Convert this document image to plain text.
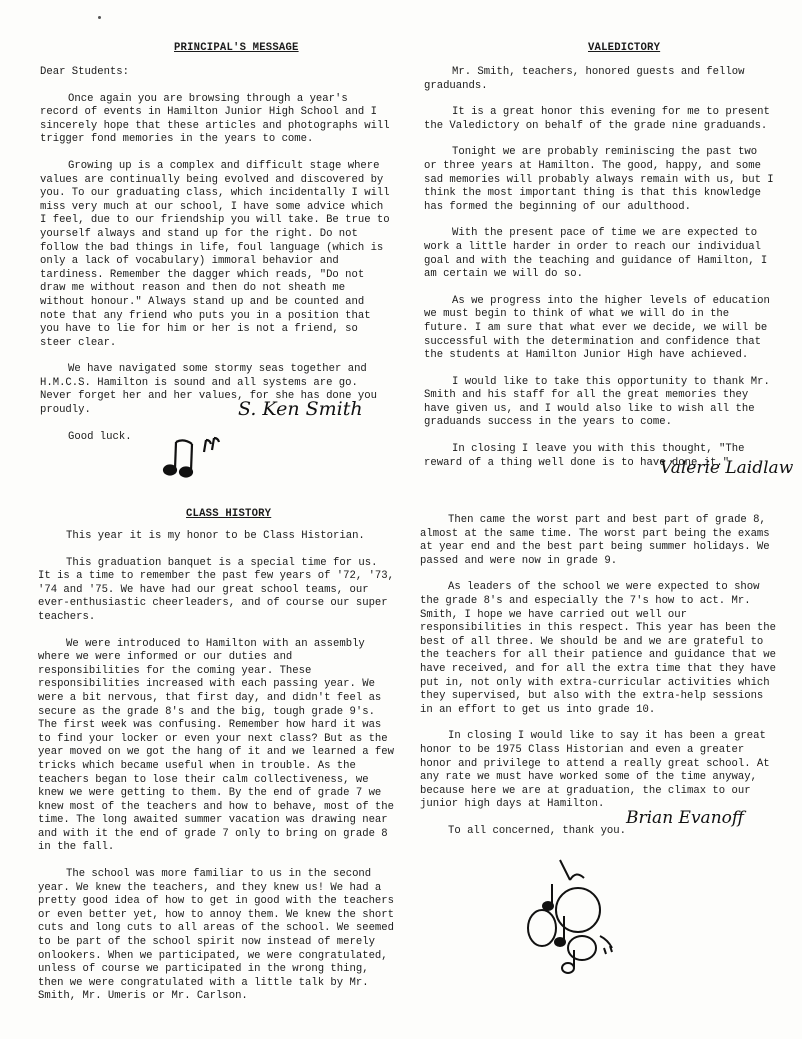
PRINCIPAL'S MESSAGE

Dear Students:

Once again you are browsing through a year's record of events in Hamilton Junior High School and I sincerely hope that these articles and photographs will trigger fond memories in the years to come.

Growing up is a complex and difficult stage where values are continually being evolved and discovered by you. To our graduating class, which incidentally I will miss very much at our school, I have some advice which I feel, due to our friendship you will take. Be true to yourself always and stand up for the right. Do not follow the bad things in life, foul language (which is only a lack of vocabulary) immoral behavior and tardiness. Remember the dagger which reads, "Do not draw me without reason and then do not sheath me without honour." Always stand up and be counted and note that any friend who puts you in a position that you have to lie for him or her is not a friend, so steer clear.

We have navigated some stormy seas together and H.M.C.S. Hamilton is sound and all systems are go. Never forget her and her values, for she has done you proudly.

Good luck.

S. Ken Smith
VALEDICTORY

Mr. Smith, teachers, honored guests and fellow graduands.

It is a great honor this evening for me to present the Valedictory on behalf of the grade nine graduands.

Tonight we are probably reminiscing the past two or three years at Hamilton. The good, happy, and some sad memories will probably always remain with us, but I think the most important thing is that this knowledge has formed the beginning of our adulthood.

With the present pace of time we are expected to work a little harder in order to reach our individual goal and with the teaching and guidance of Hamilton, I am certain we will do so.

As we progress into the higher levels of education we must begin to think of what we will do in the future. I am sure that what ever we decide, we will be successful with the determination and confidence that the students at Hamilton Junior High have achieved.

I would like to take this opportunity to thank Mr. Smith and his staff for all the great memories they have given us, and I would also like to wish all the graduands success in the years to come.

In closing I leave you with this thought, "The reward of a thing well done is to have done it."

Valerie Laidlaw
CLASS HISTORY

This year it is my honor to be Class Historian.

This graduation banquet is a special time for us. It is a time to remember the past few years of '72, '73, '74 and '75. We have had our great school teams, our ever-enthusiastic cheerleaders, and of course our super teachers.

We were introduced to Hamilton with an assembly where we were informed or our duties and responsibilities for the coming year. These responsibilities increased with each passing year. We were a bit nervous, that first day, and didn't feel as secure as the grade 8's and the big, tough grade 9's. The first week was confusing. Remember how hard it was to find your locker or even your next class? But as the year moved on we got the hang of it and we learned a few tricks which became useful when in trouble. As the teachers began to lose their calm collectiveness, we knew we were getting to them. By the end of grade 7 we knew most of the teachers and how to behave, most of the time. The long awaited summer vacation was drawing near and with it the end of grade 7 only to bring on grade 8 in the fall.

The school was more familiar to us in the second year. We knew the teachers, and they knew us! We had a pretty good idea of how to get in good with the teachers or even better yet, how to annoy them. We knew the short cuts and long cuts to all areas of the school. We seemed to be part of the school spirit now instead of merely onlookers. When we participated, we were congratulated, unless of course we participated in the wrong thing, then we were congratulated with a little talk by Mr. Smith, Mr. Umeris or Mr. Carlson.

Then came the worst part and best part of grade 8, almost at the same time. The worst part being the exams at year end and the best part being summer holidays. We passed and were now in grade 9.

As leaders of the school we were expected to show the grade 8's and especially the 7's how to act. Mr. Smith, I hope we have carried out well our responsibilities in this respect. This year has been the best of all three. We should be and we are grateful to the teachers for all their patience and guidance that we have received, and for all the extra time that they have put in, not only with extra-curricular activities which they supervised, but also with the extra-help sessions in an effort to get us into grade 10.

In closing I would like to say it has been a great honor to be 1975 Class Historian and even a greater honor and privilege to attend a really great school. At any rate we must have worked some of the time anyway, because here we are at graduation, the climax to our junior high days at Hamilton.

To all concerned, thank you.

Brian Evanoff
